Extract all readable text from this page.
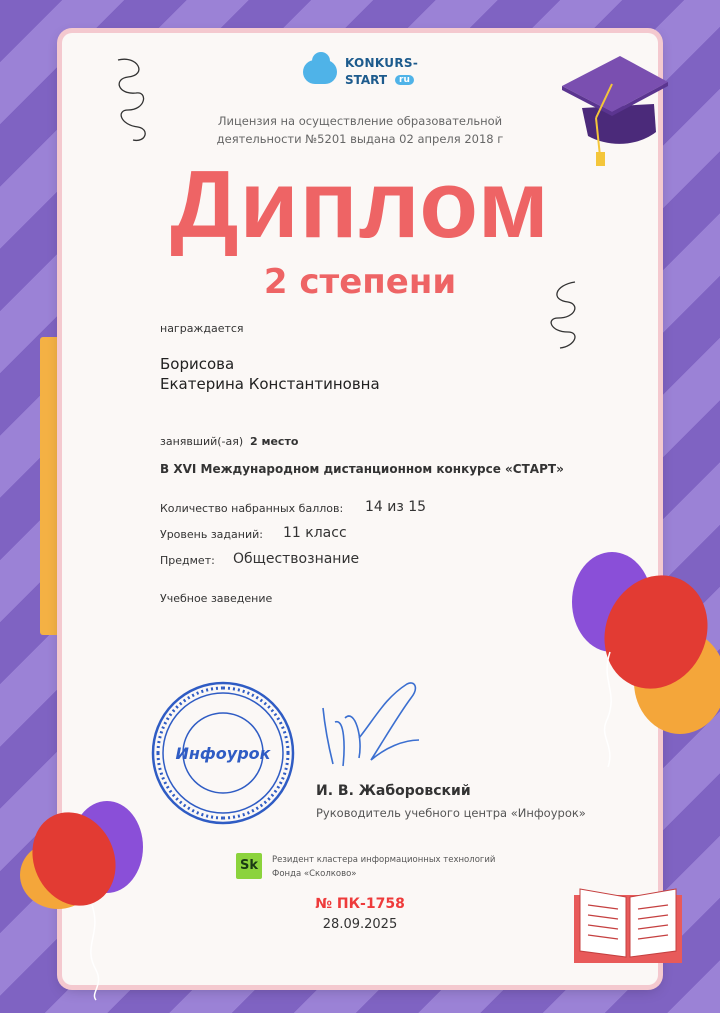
KONKURS-
START	ru
Лицензия на осуществление образовательной
деятельности №5201 выдана 02 апреля 2018 г
Диплом
2 степени
награждается
Борисова
Екатерина Константиновна
занявший(-ая) 2 место
В XVI Международном дистанционном конкурсе «СТАРТ»
Количество набранных баллов: 14 из 15
Уровень заданий: 11 класс
Предмет: Обществознание
Учебное заведение
Инфоурок
И. В. Жаборовский
Руководитель учебного центра «Инфоурок»
Sk	Резидент кластера информационных технологий
Фонда «Сколково»
№ ПК-1758
28.09.2025
